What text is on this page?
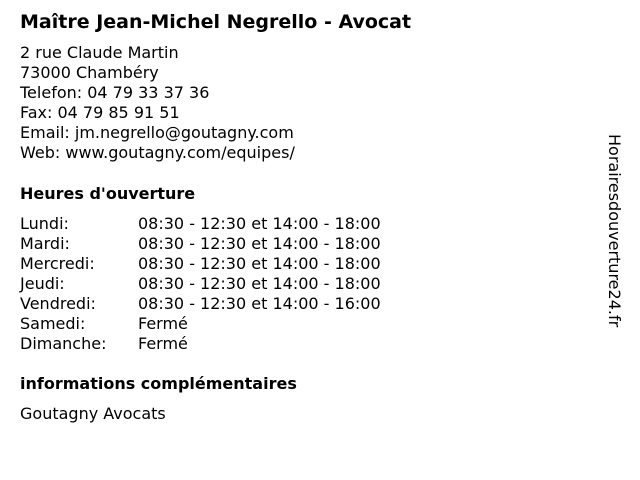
Maître Jean-Michel Negrello - Avocat
2 rue Claude Martin
73000 Chambéry
Telefon: 04 79 33 37 36
Fax: 04 79 85 91 51
Email: jm.negrello@goutagny.com
Web: www.goutagny.com/equipes/
Heures d'ouverture
Lundi:	08:30 - 12:30 et 14:00 - 18:00
Mardi:	08:30 - 12:30 et 14:00 - 18:00
Mercredi:	08:30 - 12:30 et 14:00 - 18:00
Jeudi:	08:30 - 12:30 et 14:00 - 18:00
Vendredi:	08:30 - 12:30 et 14:00 - 16:00
Samedi:	Fermé
Dimanche: Fermé
informations complémentaires
Goutagny Avocats
Horairesdouverture24.fr
